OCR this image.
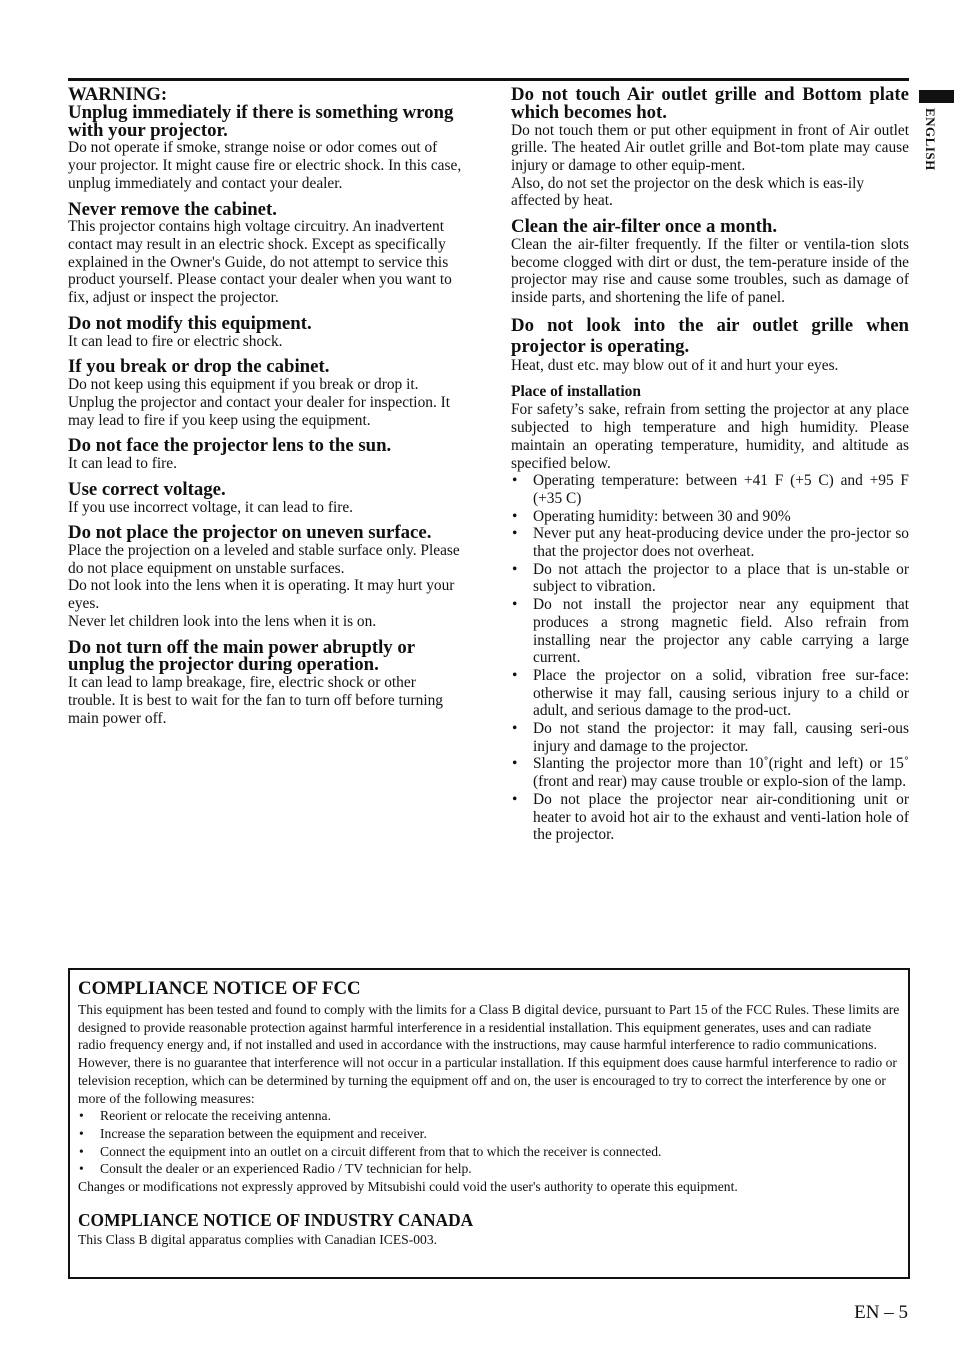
ENGLISH
WARNING:
Unplug immediately if there is something wrong with your projector.

Do not operate if smoke, strange noise or odor comes out of your projector. It might cause fire or electric shock. In this case, unplug immediately and contact your dealer.

Never remove the cabinet.

This projector contains high voltage circuitry. An inadvertent contact may result in an electric shock. Except as specifically explained in the Owner's Guide, do not attempt to service this product yourself. Please contact your dealer when you want to fix, adjust or inspect the projector.

Do not modify this equipment.

It can lead to fire or electric shock.

If you break or drop the cabinet.

Do not keep using this equipment if you break or drop it. Unplug the projector and contact your dealer for inspection. It may lead to fire if you keep using the equipment.

Do not face the projector lens to the sun.

It can lead to fire.

Use correct voltage.

If you use incorrect voltage, it can lead to fire.

Do not place the projector on uneven surface.

Place the projection on a leveled and stable surface only. Please do not place equipment on unstable surfaces.

Do not look into the lens when it is operating. It may hurt your eyes.

Never let children look into the lens when it is on.

Do not turn off the main power abruptly or unplug the projector during operation.

It can lead to lamp breakage, fire, electric shock or other trouble. It is best to wait for the fan to turn off before turning main power off.

Do not touch Air outlet grille and Bottom plate which becomes hot.

Do not touch them or put other equipment in front of Air outlet grille. The heated Air outlet grille and Bot-tom plate may cause injury or damage to other equip-ment.

Also, do not set the projector on the desk which is eas-ily

affected by heat.

Clean the air-filter once a month.

Clean the air-filter frequently. If the filter or ventila-tion slots become clogged with dirt or dust, the tem-perature inside of the projector may rise and cause some troubles, such as damage of inside parts, and shortening the life of panel.

Do not look into the air outlet grille when projector is operating.

Heat, dust etc. may blow out of it and hurt your eyes.

Place of installation

For safety’s sake, refrain from setting the projector at any place subjected to high temperature and high humidity. Please maintain an operating temperature, humidity, and altitude as specified below.

• Operating temperature: between +41 F (+5 C) and +95 F (+35 C)
• Operating humidity: between 30 and 90%
• Never put any heat-producing device under the pro-jector so that the projector does not overheat.
• Do not attach the projector to a place that is un-stable or subject to vibration.
• Do not install the projector near any equipment that produces a strong magnetic field. Also refrain from installing near the projector any cable carrying a large current.
• Place the projector on a solid, vibration free sur-face: otherwise it may fall, causing serious injury to a child or adult, and serious damage to the prod-uct.
• Do not stand the projector: it may fall, causing seri-ous injury and damage to the projector.
• Slanting the projector more than 10˚(right and left) or 15˚ (front and rear) may cause trouble or explo-sion of the lamp.
• Do not place the projector near air-conditioning unit or heater to avoid hot air to the exhaust and venti-lation hole of the projector.
COMPLIANCE NOTICE OF FCC

This equipment has been tested and found to comply with the limits for a Class B digital device, pursuant to Part 15 of the FCC Rules. These limits are designed to provide reasonable protection against harmful interference in a residential installation. This equipment generates, uses and can radiate radio frequency energy and, if not installed and used in accordance with the instructions, may cause harmful interference to radio communications. However, there is no guarantee that interference will not occur in a particular installation. If this equipment does cause harmful interference to radio or television reception, which can be determined by turning the equipment off and on, the user is encouraged to try to correct the interference by one or more of the following measures:

• Reorient or relocate the receiving antenna.
• Increase the separation between the equipment and receiver.
• Connect the equipment into an outlet on a circuit different from that to which the receiver is connected.
• Consult the dealer or an experienced Radio / TV technician for help.

Changes or modifications not expressly approved by Mitsubishi could void the user's authority to operate this equipment.

COMPLIANCE NOTICE OF INDUSTRY CANADA

This Class B digital apparatus complies with Canadian ICES-003.

EN – 5
